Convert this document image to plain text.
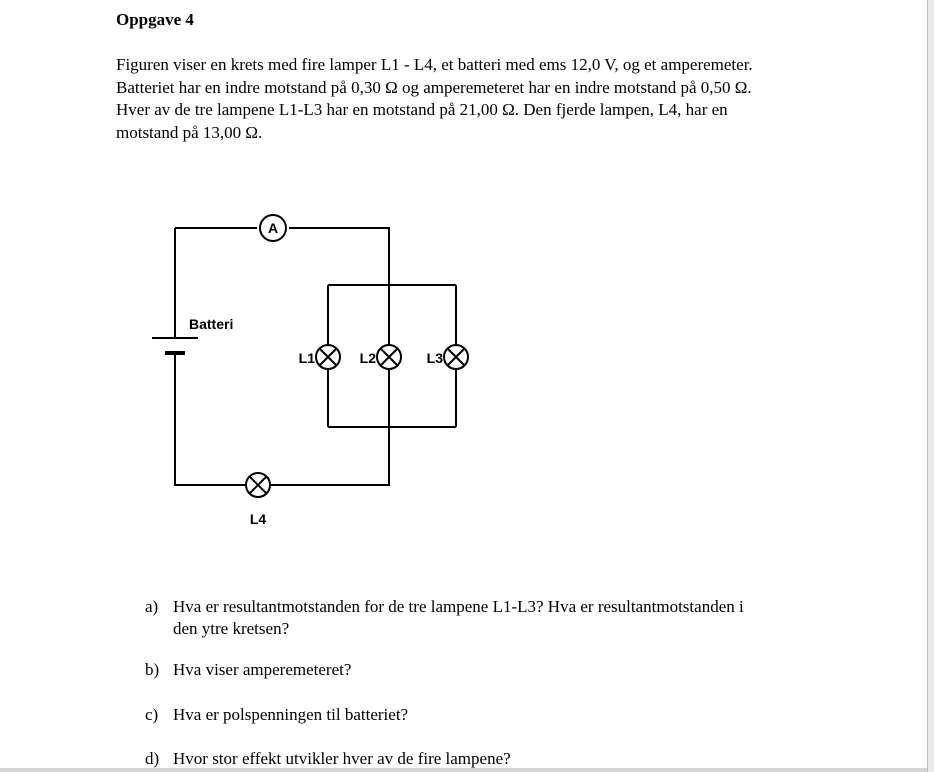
Oppgave 4
Figuren viser en krets med fire lamper L1 - L4, et batteri med ems 12,0 V, og et amperemeter.
Batteriet har en indre motstand på 0,30 Ω og amperemeteret har en indre motstand på 0,50 Ω.
Hver av de tre lampene L1-L3 har en motstand på 21,00 Ω. Den fjerde lampen, L4, har en
motstand på 13,00 Ω.
Batteri
A
L1	L2	L3
L4
a) Hva er resultantmotstanden for de tre lampene L1-L3? Hva er resultantmotstanden i
den ytre kretsen?
b) Hva viser amperemeteret?
c) Hva er polspenningen til batteriet?
d) Hvor stor effekt utvikler hver av de fire lampene?
